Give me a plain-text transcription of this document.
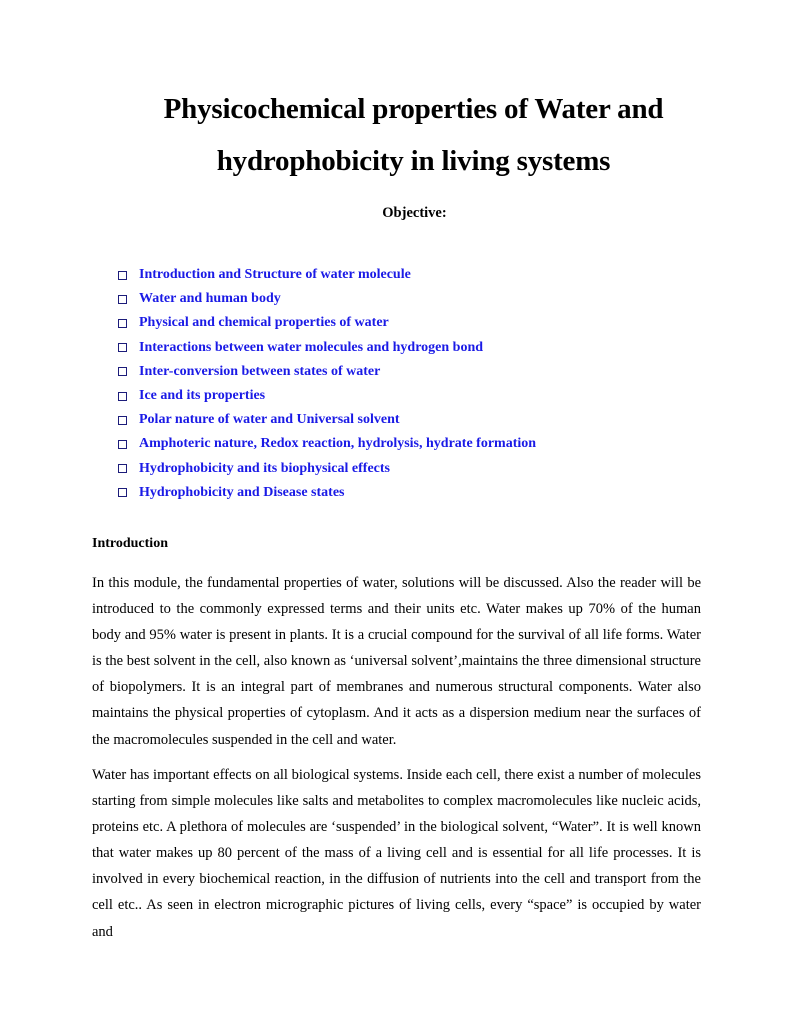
Physicochemical properties of Water and
hydrophobicity in living systems
Objective:
Introduction and Structure of water molecule
Water and human body
Physical and chemical properties of water
Interactions between water molecules and hydrogen bond
Inter-conversion between states of water
Ice and its properties
Polar nature of water and Universal solvent
Amphoteric nature, Redox reaction, hydrolysis, hydrate formation
Hydrophobicity and its biophysical effects
Hydrophobicity and Disease states
Introduction

In this module, the fundamental properties of water, solutions will be discussed. Also the reader will be introduced to the commonly expressed terms and their units etc. Water makes up 70% of the human body and 95% water is present in plants. It is a crucial compound for the survival of all life forms. Water is the best solvent in the cell, also known as ‘universal solvent’,maintains the three dimensional structure of biopolymers. It is an integral part of membranes and numerous structural components. Water also maintains the physical properties of cytoplasm. And it acts as a dispersion medium near the surfaces of the macromolecules suspended in the cell and water.

Water has important effects on all biological systems. Inside each cell, there exist a number of molecules starting from simple molecules like salts and metabolites to complex macromolecules like nucleic acids, proteins etc. A plethora of molecules are ‘suspended’ in the biological solvent, “Water”. It is well known that water makes up 80 percent of the mass of a living cell and is essential for all life processes. It is involved in every biochemical reaction, in the diffusion of nutrients into the cell and transport from the cell etc.. As seen in electron micrographic pictures of living cells, every “space” is occupied by water and
